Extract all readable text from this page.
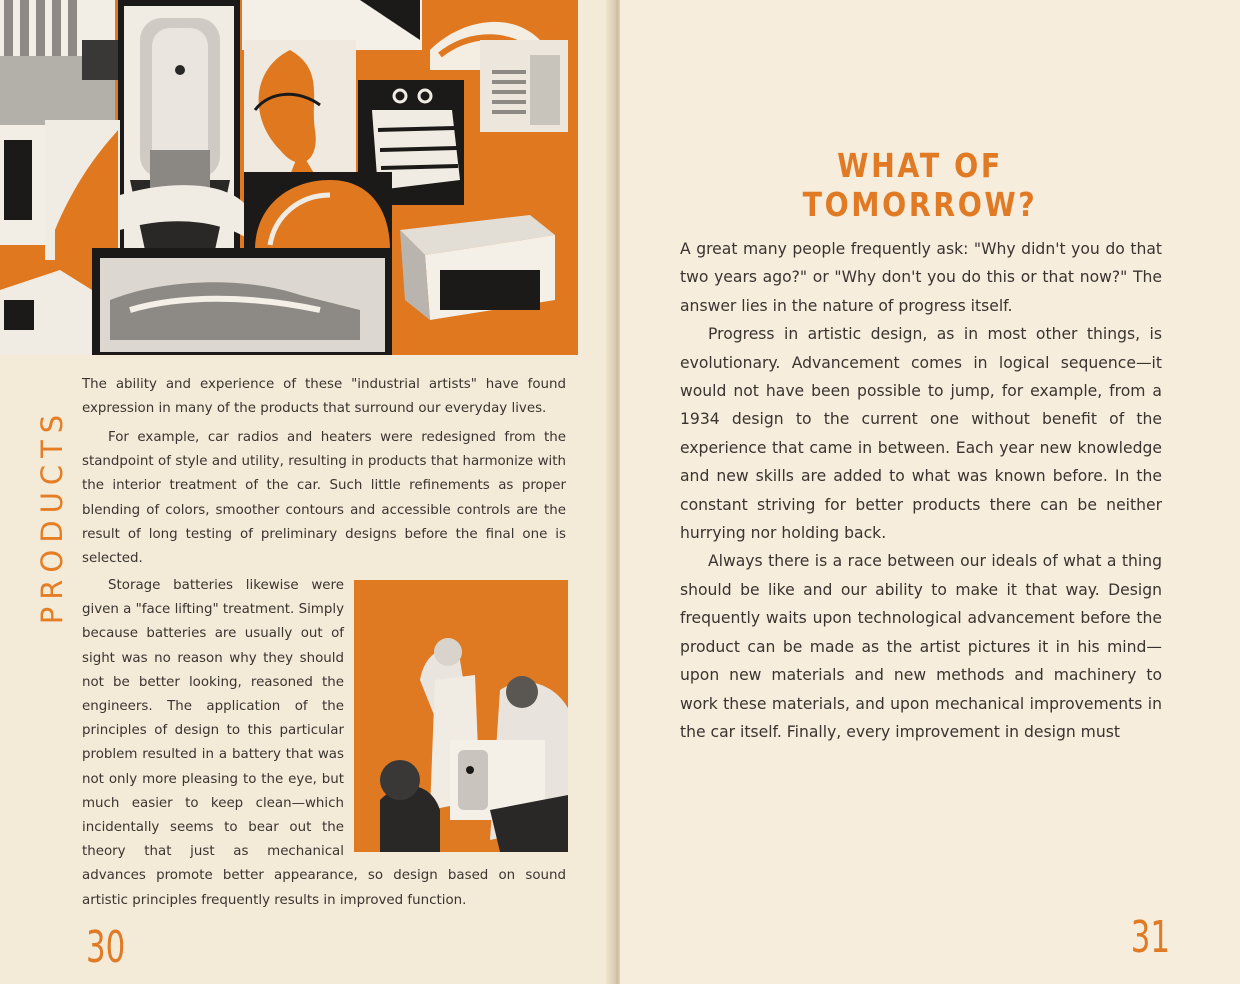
PRODUCTS

The ability and experience of these "industrial artists" have found expression in many of the products that surround our everyday lives.

For example, car radios and heaters were redesigned from the standpoint of style and utility, resulting in products that harmonize with the interior treatment of the car. Such little refinements as proper blending of colors, smoother contours and accessible controls are the result of long testing of preliminary designs before the final one is selected.

Storage batteries likewise were given a "face lifting" treatment. Simply because batteries are usually out of sight was no reason why they should not be better looking, reasoned the engineers. The application of the principles of design to this particular problem resulted in a battery that was not only more pleasing to the eye, but much easier to keep clean—which incidentally seems to bear out the theory that just as mechanical advances promote better appearance, so design based on sound artistic principles frequently results in improved function.
30
WHAT OF TOMORROW?

A great many people frequently ask: "Why didn't you do that two years ago?" or "Why don't you do this or that now?" The answer lies in the nature of progress itself.

Progress in artistic design, as in most other things, is evolutionary. Advancement comes in logical sequence—it would not have been possible to jump, for example, from a 1934 design to the current one without benefit of the experience that came in between. Each year new knowledge and new skills are added to what was known before. In the constant striving for better products there can be neither hurrying nor holding back.

Always there is a race between our ideals of what a thing should be like and our ability to make it that way. Design frequently waits upon technological advancement before the product can be made as the artist pictures it in his mind—upon new materials and new methods and machinery to work these materials, and upon mechanical improvements in the car itself. Finally, every improvement in design must

31
